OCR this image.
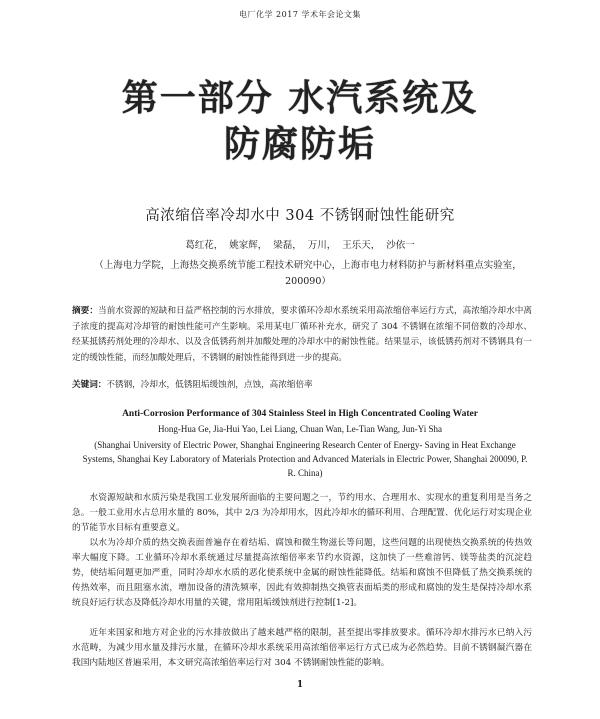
电厂化学 2017 学术年会论文集
第一部分 水汽系统及
防腐防垢
高浓缩倍率冷却水中 304 不锈钢耐蚀性能研究
葛红花， 姚家辉， 梁磊， 万川， 王乐天， 沙依一
（上海电力学院，上海热交换系统节能工程技术研究中心，上海市电力材料防护与新材料重点实验室，200090）
摘要：当前水资源的短缺和日益严格控制的污水排放，要求循环冷却水系统采用高浓缩倍率运行方式，高浓缩冷却水中离子浓度的提高对冷却管的耐蚀性能可产生影响。采用某电厂循环补充水，研究了 304 不锈钢在浓缩不同倍数的冷却水、经某抵锈药剂处理的冷却水、以及含低锈药剂并加酸处理的冷却水中的耐蚀性能。结果显示，该低锈药剂对不锈钢具有一定的缓蚀性能，而经加酸处理后，不锈钢的耐蚀性能得到进一步的提高。
关键词：不锈钢，冷却水，低锈阻垢缓蚀剂，点蚀，高浓缩倍率
Anti-Corrosion Performance of 304 Stainless Steel in High Concentrated Cooling Water
Hong-Hua Ge, Jia-Hui Yao, Lei Liang, Chuan Wan, Le-Tian Wang, Jun-Yi Sha
(Shanghai University of Electric Power, Shanghai Engineering Research Center of Energy- Saving in Heat Exchange Systems, Shanghai Key Laboratory of Materials Protection and Advanced Materials in Electric Power, Shanghai 200090, P. R. China)

水资源短缺和水质污染是我国工业发展所面临的主要问题之一，节约用水、合理用水、实现水的重复利用是当务之急。一般工业用水占总用水量的 80%，其中 2/3 为冷却用水，因此冷却水的循环利用、合理配置、优化运行对实现企业的节能节水目标有重要意义。

以水为冷却介质的热交换表面普遍存在着结垢、腐蚀和微生物滋长等问题，这些问题的出现使热交换系统的传热效率大幅度下降。工业循环冷却水系统通过尽量提高浓缩倍率来节约水资源，这加快了一些难溶钙、镁等盐类的沉淀趋势，使结垢问题更加严重，同时冷却水水质的恶化使系统中金属的耐蚀性能降低。结垢和腐蚀不但降低了热交换系统的传热效率，而且阻塞水流，增加设备的清洗频率，因此有效抑制热交换管表面垢类的形成和腐蚀的发生是保持冷却水系统良好运行状态及降低冷却水用量的关键，常用阻垢缓蚀剂进行控制[1-2]。

近年来国家和地方对企业的污水排放做出了越来越严格的限制，甚至提出零排放要求。循环冷却水排污水已纳入污水范畴，为减少用水量及排污水量，在循环冷却水系统采用高浓缩倍率运行方式已成为必然趋势。目前不锈钢凝汽器在我国内陆地区普遍采用，本文研究高浓缩倍率运行对 304 不锈钢耐蚀性能的影响。

1
